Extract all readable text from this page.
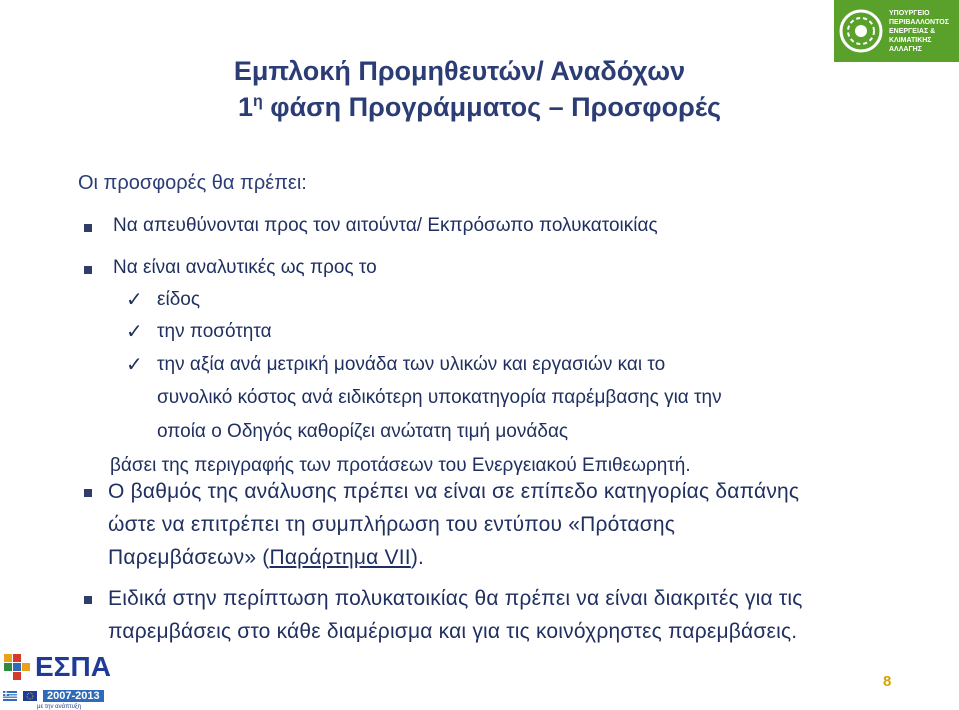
ΥΠΟΥΡΓΕΙΟ
ΠΕΡΙΒΑΛΛΟΝΤΟΣ
ΕΝΕΡΓΕΙΑΣ &
ΚΛΙΜΑΤΙΚΗΣ
ΑΛΛΑΓΗΣ
Εμπλοκή Προμηθευτών/ Αναδόχων
$1^\eta$ φάση Προγράμματος – Προσφορές
Οι προσφορές θα πρέπει:
Να απευθύνονται προς τον αιτούντα/ Εκπρόσωπο πολυκατοικίας
Να είναι αναλυτικές ως προς το
✓ είδος
✓ την ποσότητα
✓ την αξία ανά μετρική μονάδα των υλικών και εργασιών και το
συνολικό κόστος ανά ειδικότερη υποκατηγορία παρέμβασης για την
οποία ο Οδηγός καθορίζει ανώτατη τιμή μονάδας
βάσει της περιγραφής των προτάσεων του Ενεργειακού Επιθεωρητή.
Ο βαθμός της ανάλυσης πρέπει να είναι σε επίπεδο κατηγορίας δαπάνης
ώστε να επιτρέπει τη συμπλήρωση του εντύπου «Πρότασης
Παρεμβάσεων» (Παράρτημα VII).
Ειδικά στην περίπτωση πολυκατοικίας θα πρέπει να είναι διακριτές για τις
παρεμβάσεις στο κάθε διαμέρισμα και για τις κοινόχρηστες παρεμβάσεις.
ΕΣΠΑ
2007-2013
με την ανάπτυξη
8
